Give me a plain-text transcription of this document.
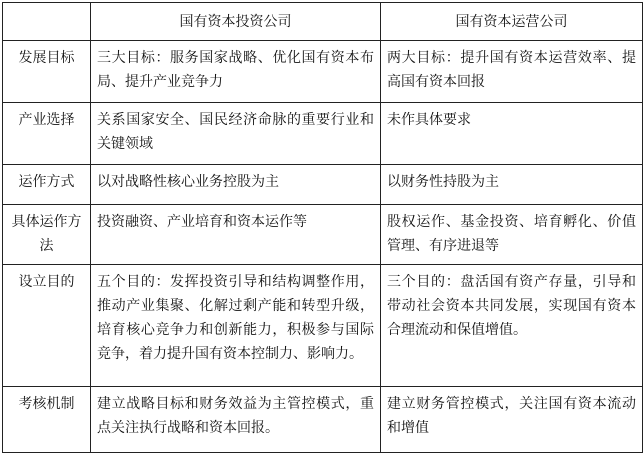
	国有资本投资公司	国有资本运营公司
发展目标	三大目标：服务国家战略、优化国有资本布局、提升产业竞争力	两大目标：提升国有资本运营效率、提高国有资本回报
产业选择	关系国家安全、国民经济命脉的重要行业和关键领域	未作具体要求
运作方式	以对战略性核心业务控股为主	以财务性持股为主
具体运作方法	投资融资、产业培育和资本运作等	股权运作、基金投资、培育孵化、价值管理、有序进退等
设立目的	五个目的：发挥投资引导和结构调整作用，推动产业集聚、化解过剩产能和转型升级，培育核心竞争力和创新能力，积极参与国际竞争，着力提升国有资本控制力、影响力。	三个目的：盘活国有资产存量，引导和带动社会资本共同发展，实现国有资本合理流动和保值增值。
考核机制	建立战略目标和财务效益为主管控模式，重点关注执行战略和资本回报。	建立财务管控模式，关注国有资本流动和增值
